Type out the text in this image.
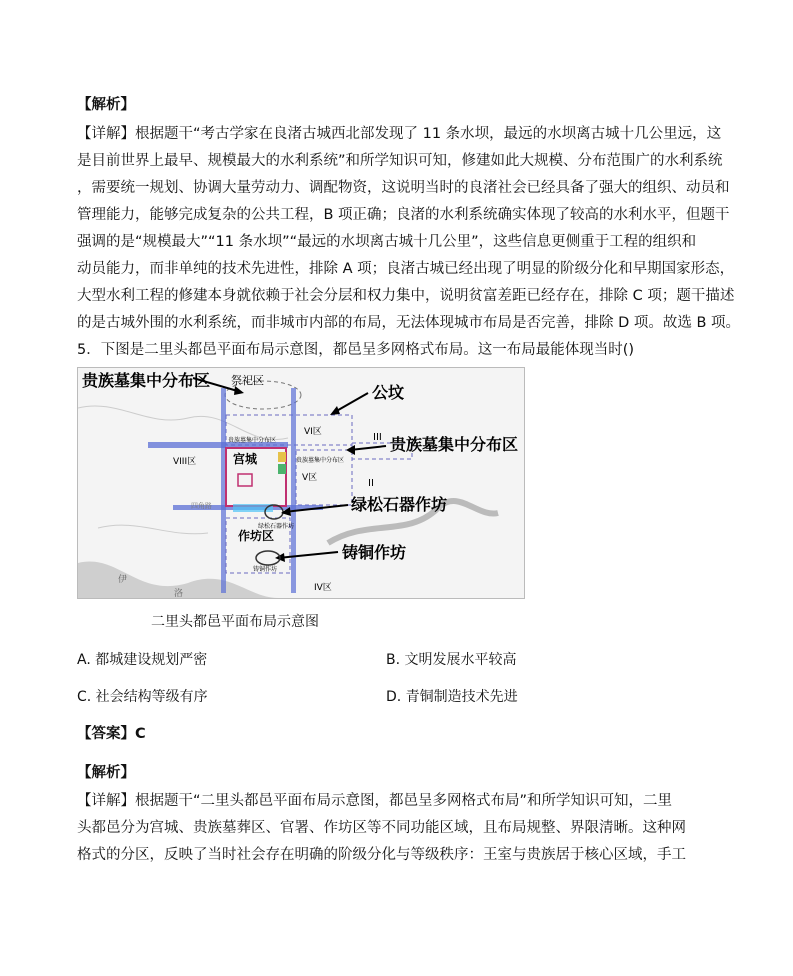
【解析】
【详解】根据题干“考古学家在良渚古城西北部发现了 11 条水坝，最远的水坝离古城十几公里远，这
是目前世界上最早、规模最大的水利系统”和所学知识可知，修建如此大规模、分布范围广的水利系统
，需要统一规划、协调大量劳动力、调配物资，这说明当时的良渚社会已经具备了强大的组织、动员和
管理能力，能够完成复杂的公共工程，B 项正确；良渚的水利系统确实体现了较高的水利水平，但题干
强调的是“规模最大”“11 条水坝”“最远的水坝离古城十几公里”，这些信息更侧重于工程的组织和
动员能力，而非单纯的技术先进性，排除 A 项；良渚古城已经出现了明显的阶级分化和早期国家形态，
大型水利工程的修建本身就依赖于社会分层和权力集中，说明贫富差距已经存在，排除 C 项；题干描述
的是古城外围的水利系统，而非城市内部的布局，无法体现城市布局是否完善，排除 D 项。故选 B 项。
5．下图是二里头都邑平面布局示意图，都邑呈多网格式布局。这一布局最能体现当时()
贵族墓集中分布区 祭祀区
公坟
VI区	III
贵族墓集中分布区	贵族墓集中分布区
VIII区	宫城	贵族墓集中分布区
V区	II
绿松石器作坊
绿松石器作坊
作坊区
铸铜作坊
铸铜作坊
IV区
伊
洛
四角路
二里头都邑平面布局示意图
A. 都城建设规划严密	B. 文明发展水平较高
C. 社会结构等级有序	D. 青铜制造技术先进
【答案】C
【解析】
【详解】根据题干“二里头都邑平面布局示意图，都邑呈多网格式布局”和所学知识可知，二里
头都邑分为宫城、贵族墓葬区、官署、作坊区等不同功能区域，且布局规整、界限清晰。这种网
格式的分区，反映了当时社会存在明确的阶级分化与等级秩序：王室与贵族居于核心区域，手工
